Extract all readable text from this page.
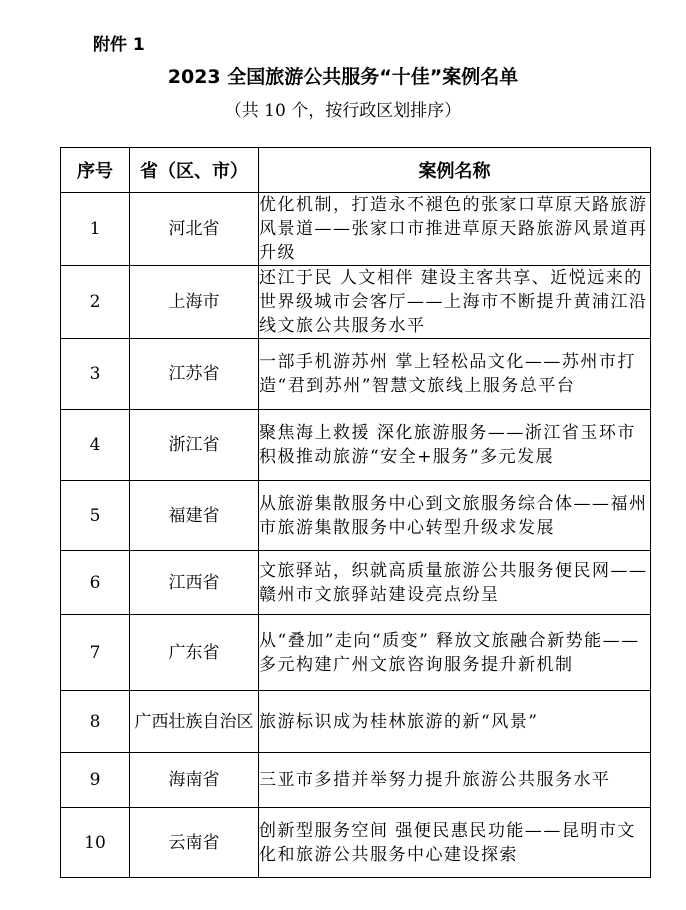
附件 1
2023 全国旅游公共服务“十佳”案例名单
（共 10 个，按行政区划排序）
序号	省（区、市）	案例名称
1	河北省	优化机制，打造永不褪色的张家口草原天路旅游风景道——张家口市推进草原天路旅游风景道再升级
2	上海市	还江于民 人文相伴 建设主客共享、近悦远来的世界级城市会客厅——上海市不断提升黄浦江沿线文旅公共服务水平
3	江苏省	一部手机游苏州 掌上轻松品文化——苏州市打造“君到苏州”智慧文旅线上服务总平台
4	浙江省	聚焦海上救援 深化旅游服务——浙江省玉环市积极推动旅游“安全+服务”多元发展
5	福建省	从旅游集散服务中心到文旅服务综合体——福州市旅游集散服务中心转型升级求发展
6	江西省	文旅驿站，织就高质量旅游公共服务便民网——赣州市文旅驿站建设亮点纷呈
7	广东省	从“叠加”走向“质变” 释放文旅融合新势能——多元构建广州文旅咨询服务提升新机制
8	广西壮族自治区	旅游标识成为桂林旅游的新“风景”
9	海南省	三亚市多措并举努力提升旅游公共服务水平
10	云南省	创新型服务空间 强便民惠民功能——昆明市文化和旅游公共服务中心建设探索
